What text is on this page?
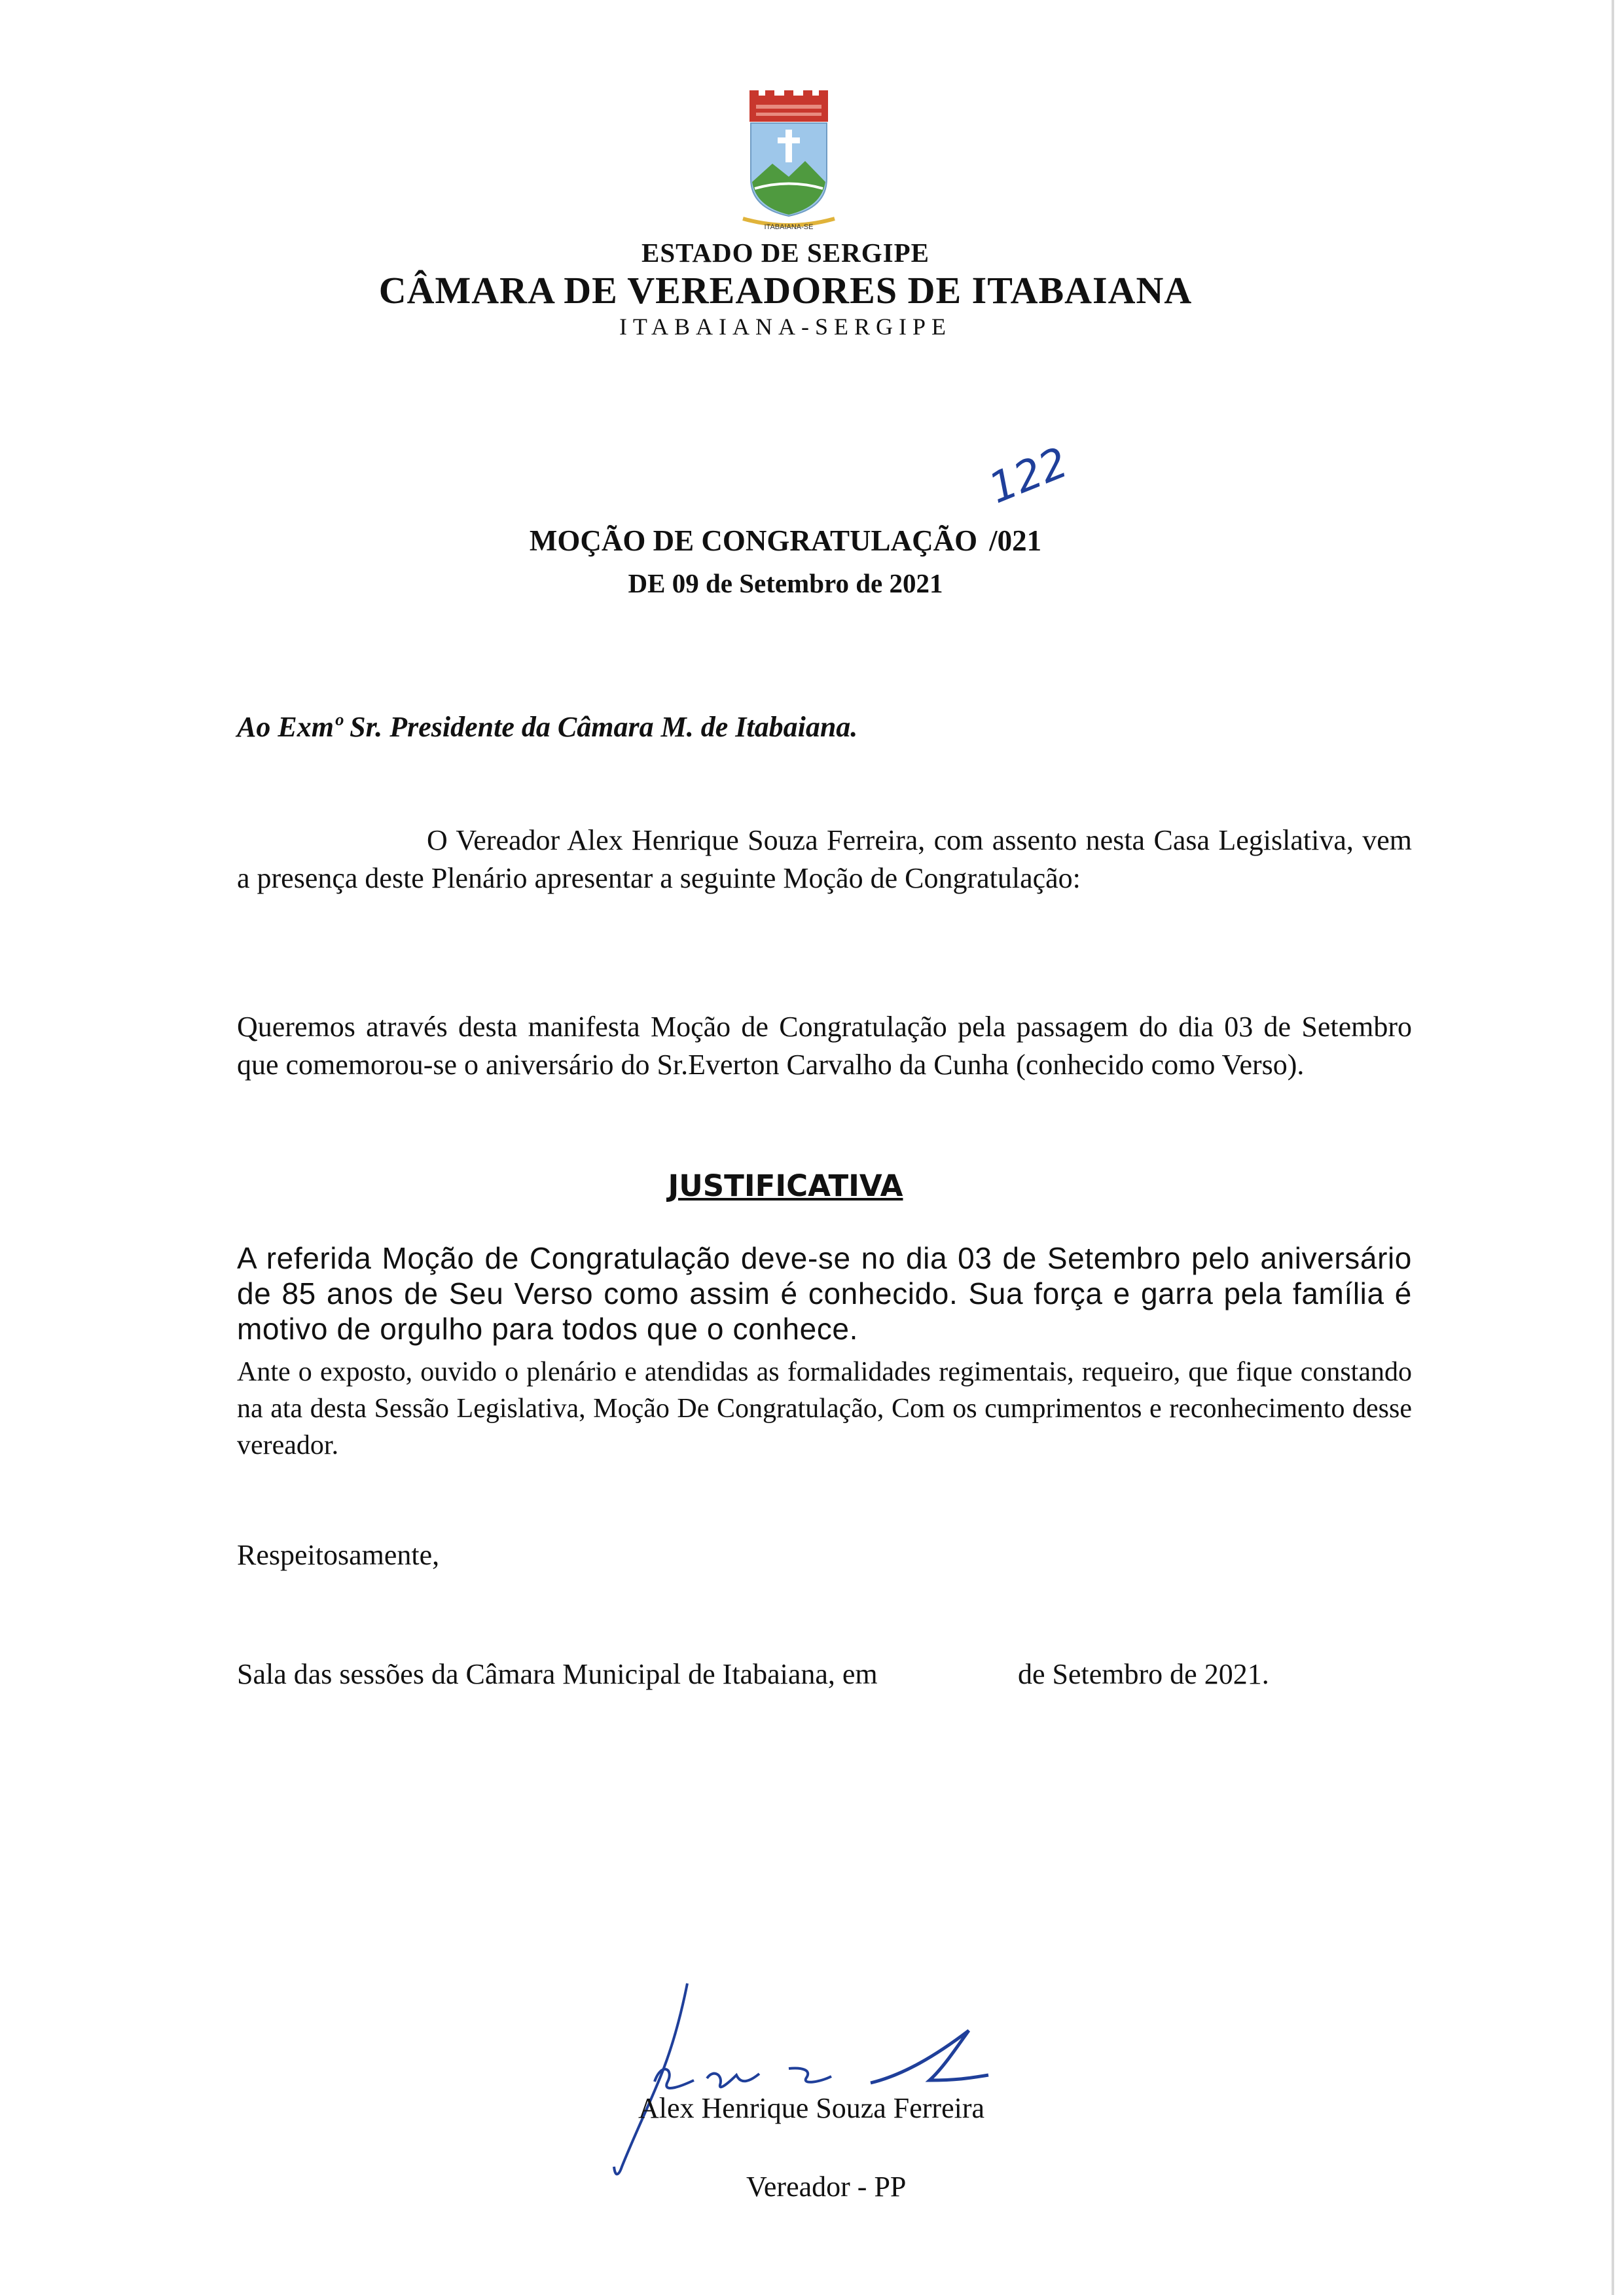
ITABAIANA-SE
ESTADO DE SERGIPE
CÂMARA DE VEREADORES DE ITABAIANA
ITABAIANA-SERGIPE
MOÇÃO DE CONGRATULAÇÃO /021
122
DE 09 de Setembro de 2021
Ao Exmº Sr. Presidente da Câmara M. de Itabaiana.
O Vereador Alex Henrique Souza Ferreira, com assento nesta Casa Legislativa, vem a presença deste Plenário apresentar a seguinte Moção de Congratulação:
Queremos através desta manifesta Moção de Congratulação pela passagem do dia 03 de Setembro que comemorou-se o aniversário do Sr.Everton Carvalho da Cunha (conhecido como Verso).
JUSTIFICATIVA
A referida Moção de Congratulação deve-se no dia 03 de Setembro pelo aniversário de 85 anos de Seu Verso como assim é conhecido. Sua força e garra pela família é motivo de orgulho para todos que o conhece.
Ante o exposto, ouvido o plenário e atendidas as formalidades regimentais, requeiro, que fique constando na ata desta Sessão Legislativa, Moção De Congratulação, Com os cumprimentos e reconhecimento desse vereador.
Respeitosamente,
Sala das sessões da Câmara Municipal de Itabaiana, em	de Setembro de 2021.
Alex Henrique Souza Ferreira
Vereador - PP
